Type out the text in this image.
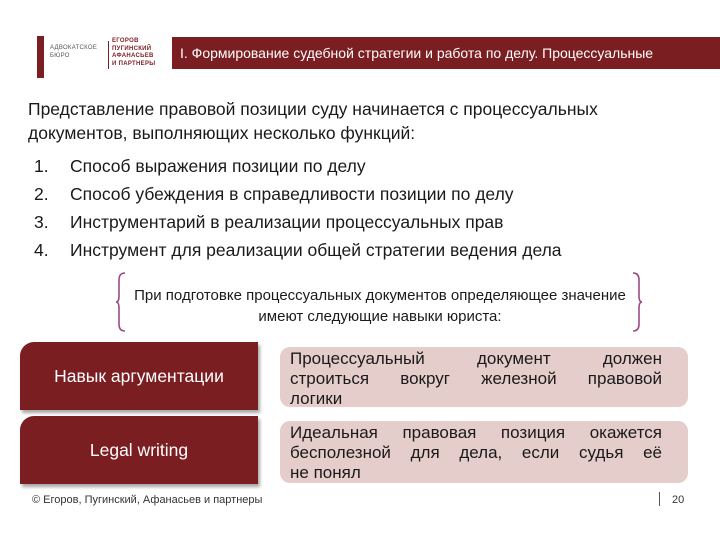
АДВОКАТСКОЕ
БЮРО
ЕГОРОВ
ПУГИНСКИЙ
АФАНАСЬЕВ
И ПАРТНЕРЫ
I. Формирование судебной стратегии и работа по делу. Процессуальные
Представление правовой позиции суду начинается с процессуальных
документов, выполняющих несколько функций:
1.	Способ выражения позиции по делу
2.	Способ убеждения в справедливости позиции по делу
3.	Инструментарий в реализации процессуальных прав
4.	Инструмент для реализации общей стратегии ведения дела
При подготовке процессуальных документов определяющее значение
имеют следующие навыки юриста:
Навык аргументации
Процессуальный документ должен
строиться вокруг железной правовой
логики
Legal writing
Идеальная правовая позиция окажется
бесполезной для дела, если судья её
не понял
© Егоров, Пугинский, Афанасьев и партнеры	20
